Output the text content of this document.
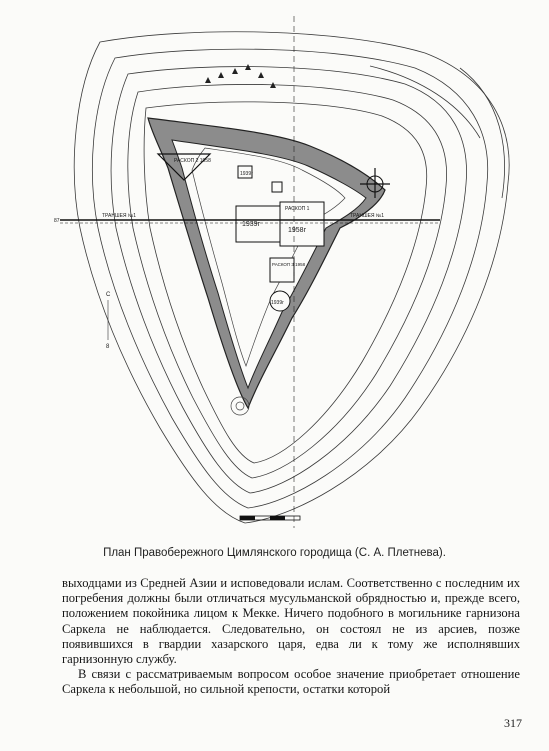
РАСКОП 2 1958
1939г
РАСКОП 1
1939г
1958г
РАСКОП 3 1958
1939г
ТРАНШЕЯ №1	ТРАНШЕЯ №1
87
С
8
План Правобережного Цимлянского городища (С. А. Плетнева).

выходцами из Средней Азии и исповедовали ислам. Соответственно с последним их погребения должны были отличаться мусульманской обрядностью и, прежде всего, положением покойника лицом к Мекке. Ничего подобного в могильнике гарнизона Саркела не наблюдается. Следовательно, он состоял не из арсиев, позже появившихся в гвардии хазарского царя, едва ли к тому же исполнявших гарнизонную службу.

В связи с рассматриваемым вопросом особое значение приобретает отношение Саркела к небольшой, но сильной крепости, остатки которой

317
